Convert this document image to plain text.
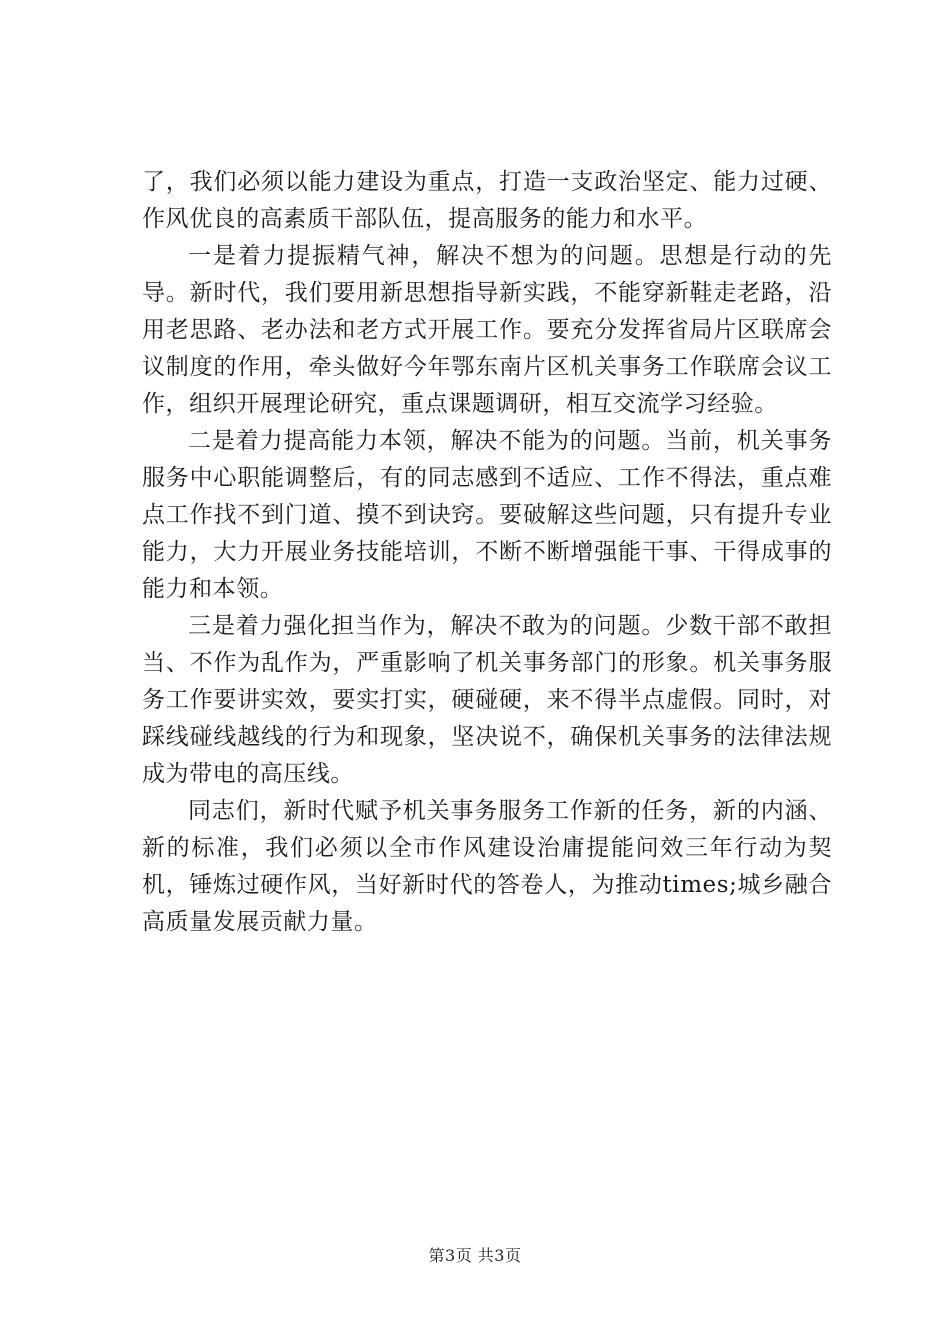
了，我们必须以能力建设为重点，打造一支政治坚定、能力过硬、作风优良的高素质干部队伍，提高服务的能力和水平。

一是着力提振精气神，解决不想为的问题。思想是行动的先导。新时代，我们要用新思想指导新实践，不能穿新鞋走老路，沿用老思路、老办法和老方式开展工作。要充分发挥省局片区联席会议制度的作用，牵头做好今年鄂东南片区机关事务工作联席会议工作，组织开展理论研究，重点课题调研，相互交流学习经验。

二是着力提高能力本领，解决不能为的问题。当前，机关事务服务中心职能调整后，有的同志感到不适应、工作不得法，重点难点工作找不到门道、摸不到诀窍。要破解这些问题，只有提升专业能力，大力开展业务技能培训，不断不断增强能干事、干得成事的能力和本领。

三是着力强化担当作为，解决不敢为的问题。少数干部不敢担当、不作为乱作为，严重影响了机关事务部门的形象。机关事务服务工作要讲实效，要实打实，硬碰硬，来不得半点虚假。同时，对踩线碰线越线的行为和现象，坚决说不，确保机关事务的法律法规成为带电的高压线。

同志们，新时代赋予机关事务服务工作新的任务，新的内涵、新的标准，我们必须以全市作风建设治庸提能问效三年行动为契机，锤炼过硬作风，当好新时代的答卷人，为推动times;城乡融合高质量发展贡献力量。

第3页 共3页
